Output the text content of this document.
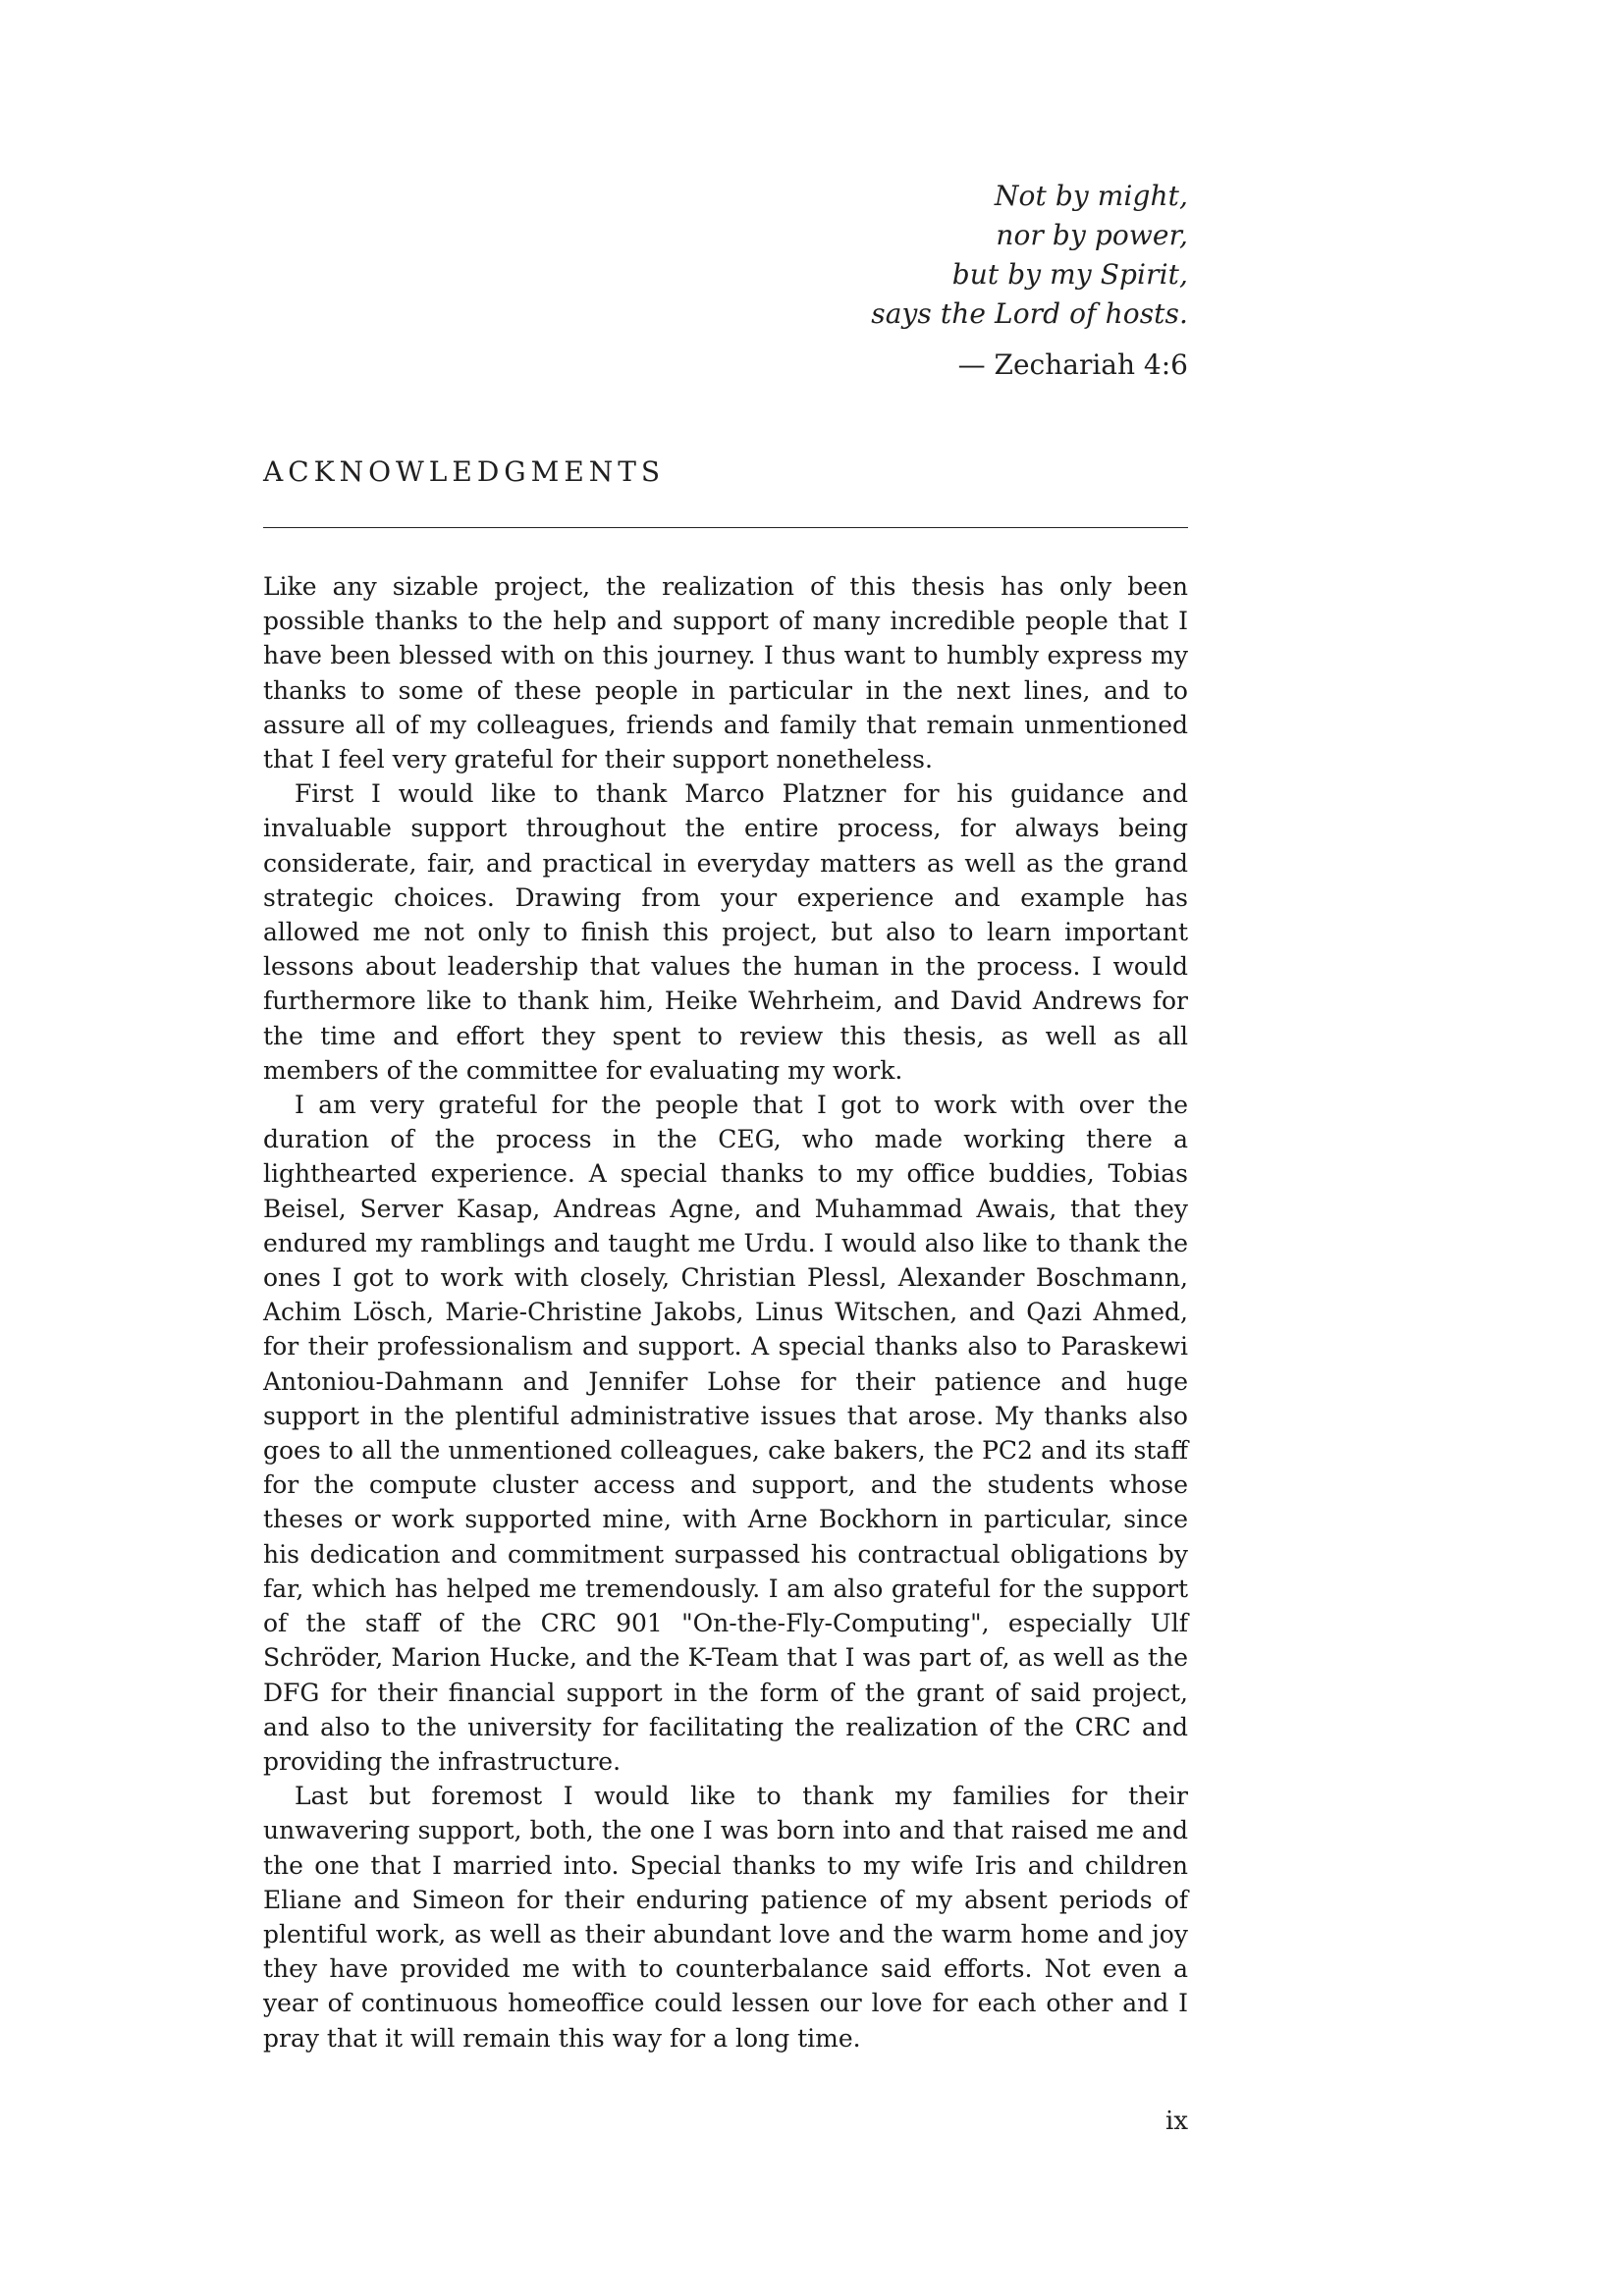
Not by might,
nor by power,
but by my Spirit,
says the Lord of hosts.
— Zechariah 4:6
ACKNOWLEDGMENTS

Like any sizable project, the realization of this thesis has only been possible thanks to the help and support of many incredible people that I have been blessed with on this journey. I thus want to humbly express my thanks to some of these people in particular in the next lines, and to assure all of my colleagues, friends and family that remain unmentioned that I feel very grateful for their support nonetheless.

First I would like to thank Marco Platzner for his guidance and invaluable support throughout the entire process, for always being considerate, fair, and practical in everyday matters as well as the grand strategic choices. Drawing from your experience and example has allowed me not only to finish this project, but also to learn important lessons about leadership that values the human in the process. I would furthermore like to thank him, Heike Wehrheim, and David Andrews for the time and effort they spent to review this thesis, as well as all members of the committee for evaluating my work.

I am very grateful for the people that I got to work with over the duration of the process in the CEG, who made working there a lighthearted experience. A special thanks to my office buddies, Tobias Beisel, Server Kasap, Andreas Agne, and Muhammad Awais, that they endured my ramblings and taught me Urdu. I would also like to thank the ones I got to work with closely, Christian Plessl, Alexander Boschmann, Achim Lösch, Marie-Christine Jakobs, Linus Witschen, and Qazi Ahmed, for their professionalism and support. A special thanks also to Paraskewi Antoniou-Dahmann and Jennifer Lohse for their patience and huge support in the plentiful administrative issues that arose. My thanks also goes to all the unmentioned colleagues, cake bakers, the PC2 and its staff for the compute cluster access and support, and the students whose theses or work supported mine, with Arne Bockhorn in particular, since his dedication and commitment surpassed his contractual obligations by far, which has helped me tremendously. I am also grateful for the support of the staff of the CRC 901 "On-the-Fly-Computing", especially Ulf Schröder, Marion Hucke, and the K-Team that I was part of, as well as the DFG for their financial support in the form of the grant of said project, and also to the university for facilitating the realization of the CRC and providing the infrastructure.

Last but foremost I would like to thank my families for their unwavering support, both, the one I was born into and that raised me and the one that I married into. Special thanks to my wife Iris and children Eliane and Simeon for their enduring patience of my absent periods of plentiful work, as well as their abundant love and the warm home and joy they have provided me with to counterbalance said efforts. Not even a year of continuous homeoffice could lessen our love for each other and I pray that it will remain this way for a long time.

ix
